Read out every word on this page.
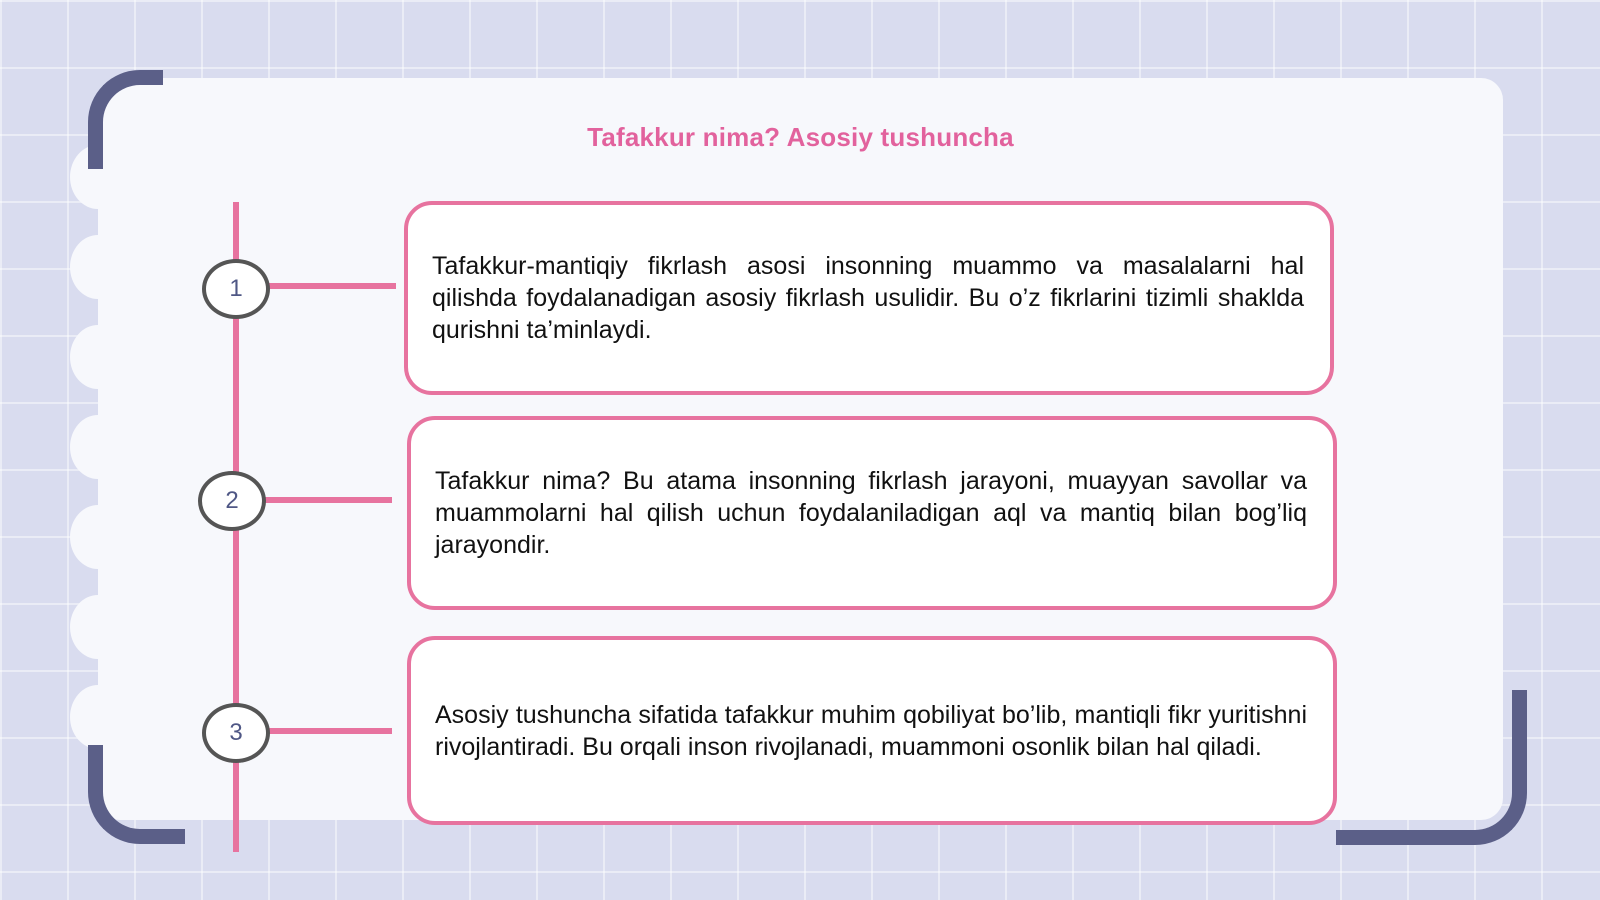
Tafakkur nima? Asosiy tushuncha
1
Tafakkur-mantiqiy fikrlash asosi insonning muammo va masalalarni hal qilishda foydalanadigan asosiy fikrlash usulidir. Bu o’z fikrlarini tizimli shaklda qurishni ta’minlaydi.
2
Tafakkur nima? Bu atama insonning fikrlash jarayoni, muayyan savollar va muammolarni hal qilish uchun foydalaniladigan aql va mantiq bilan bog’liq jarayondir.
3
Asosiy tushuncha sifatida tafakkur muhim qobiliyat bo’lib, mantiqli fikr yuritishni rivojlantiradi. Bu orqali inson rivojlanadi, muammoni osonlik bilan hal qiladi.
